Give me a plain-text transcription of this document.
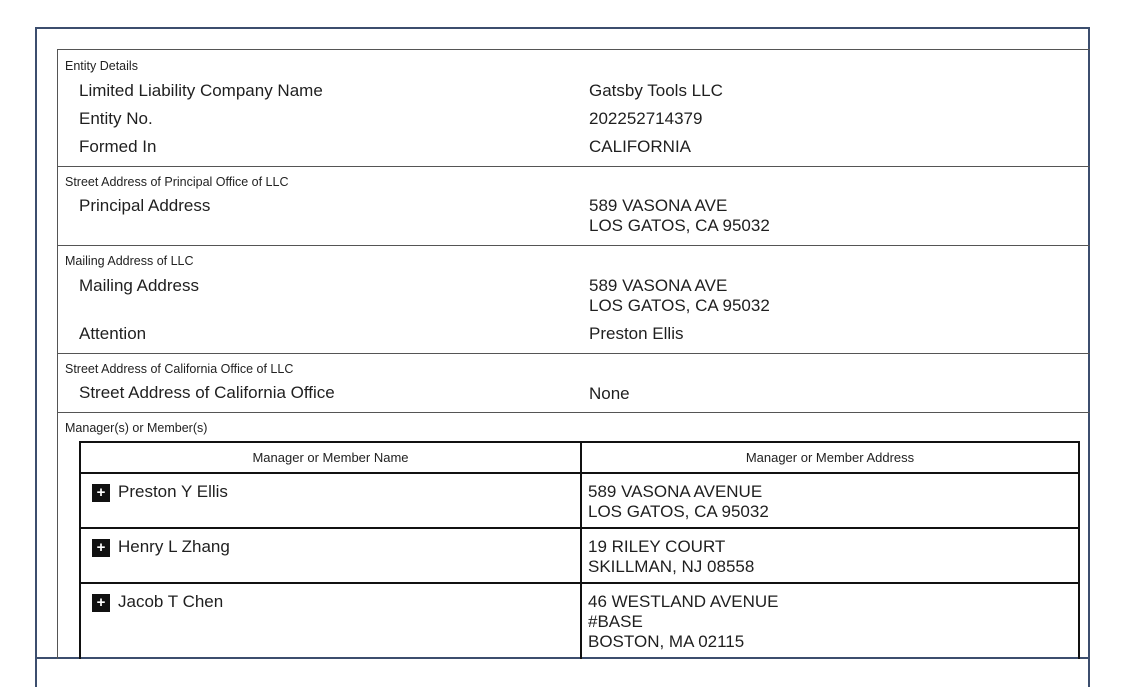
Entity Details
Limited Liability Company Name	Gatsby Tools LLC
Entity No.	202252714379
Formed In	CALIFORNIA
Street Address of Principal Office of LLC
Principal Address	589 VASONA AVE
LOS GATOS, CA 95032
Mailing Address of LLC
Mailing Address	589 VASONA AVE
LOS GATOS, CA 95032
Attention	Preston Ellis
Street Address of California Office of LLC
Street Address of California Office	None
Manager(s) or Member(s)
Manager or Member Name	Manager or Member Address
+ Preston Y Ellis	589 VASONA AVENUE
LOS GATOS, CA 95032
+ Henry L Zhang	19 RILEY COURT
SKILLMAN, NJ 08558
+ Jacob T Chen	46 WESTLAND AVENUE
#BASE
BOSTON, MA 02115
